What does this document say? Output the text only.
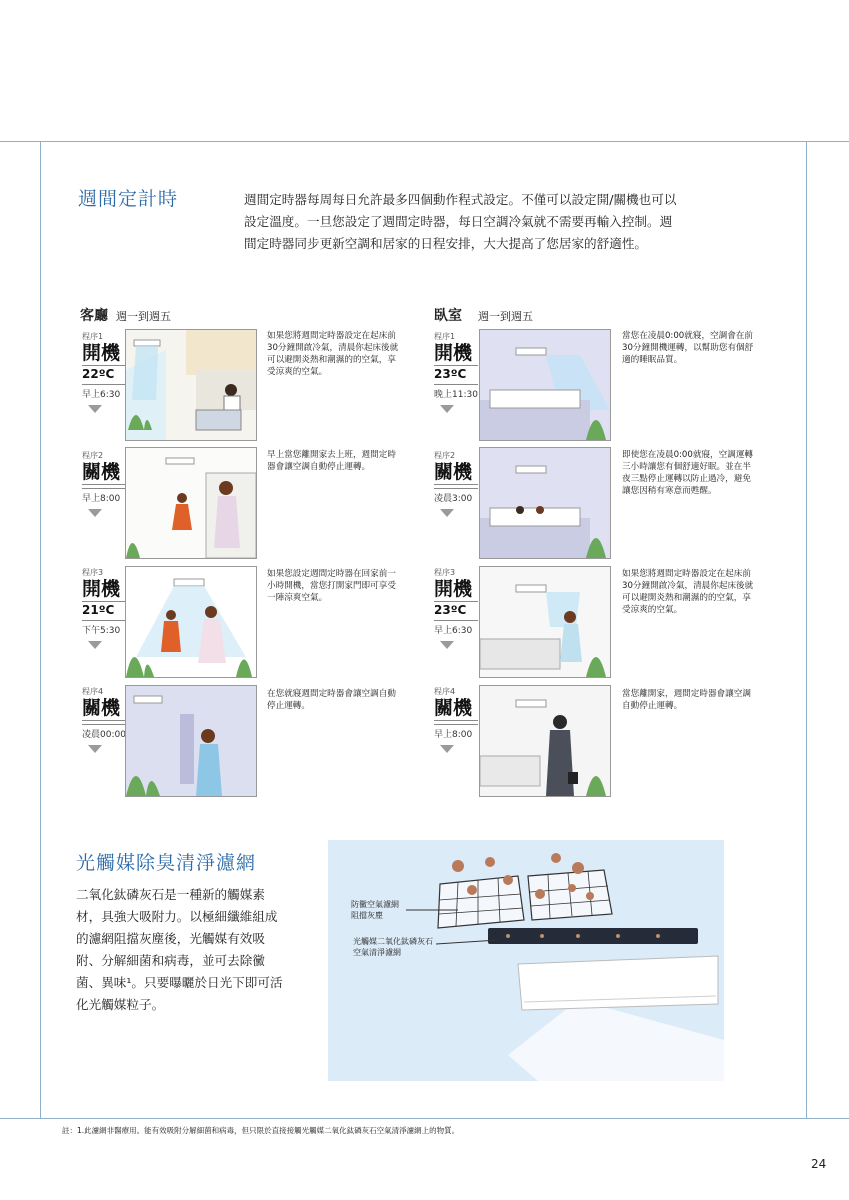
週間定計時	週間定時器每周每日允許最多四個動作程式設定。不僅可以設定開/關機也可以設定溫度。一旦您設定了週間定時器，每日空調冷氣就不需要再輸入控制。週間定時器同步更新空調和居家的日程安排，大大提高了您居家的舒適性。
客廳 週一到週五	臥室 週一到週五
程序1
開機
22ºC
早上6:30
如果您將週間定時器設定在起床前30分鐘開啟冷氣，清晨你起床後就可以避開炎熱和潮濕的的空氣，享受涼爽的空氣。
程序2
關機
早上8:00
早上當您離開家去上班，週間定時器會讓空調自動停止運轉。
程序3
開機
21ºC
下午5:30
如果您設定週間定時器在回家前一小時開機，當您打開家門即可享受一陣涼爽空氣。
程序4
關機
凌晨00:00
在您就寢週間定時器會讓空調自動停止運轉。
程序1
開機
23ºC
晚上11:30
當您在凌晨0:00就寢，空調會在前30分鐘開機運轉，以幫助您有個舒適的睡眠品質。
程序2
關機
凌晨3:00
即使您在凌晨0:00就寢，空調運轉三小時讓您有個舒適好眠。並在半夜三點停止運轉以防止過冷，避免讓您因稍有寒意而甦醒。
程序3
開機
23ºC
早上6:30
如果您將週間定時器設定在起床前30分鐘開啟冷氣，清晨你起床後就可以避開炎熱和潮濕的的空氣，享受涼爽的空氣。
程序4
關機
早上8:00
當您離開家，週間定時器會讓空調自動停止運轉。
光觸媒除臭清淨濾網
二氧化鈦磷灰石是一種新的觸媒素材，具強大吸附力。以極細纖維組成的濾網阻擋灰塵後，光觸媒有效吸附、分解細菌和病毒，並可去除黴菌、異味¹。只要曝曬於日光下即可活化光觸媒粒子。
防黴空氣濾網
阻擋灰塵
光觸媒二氧化鈦磷灰石
空氣清淨濾網
註：1.此濾網非醫療用。能有效吸附分解細菌和病毒，但只限於直接接觸光觸媒二氧化鈦磷灰石空氣清淨濾網上的物質。
24
